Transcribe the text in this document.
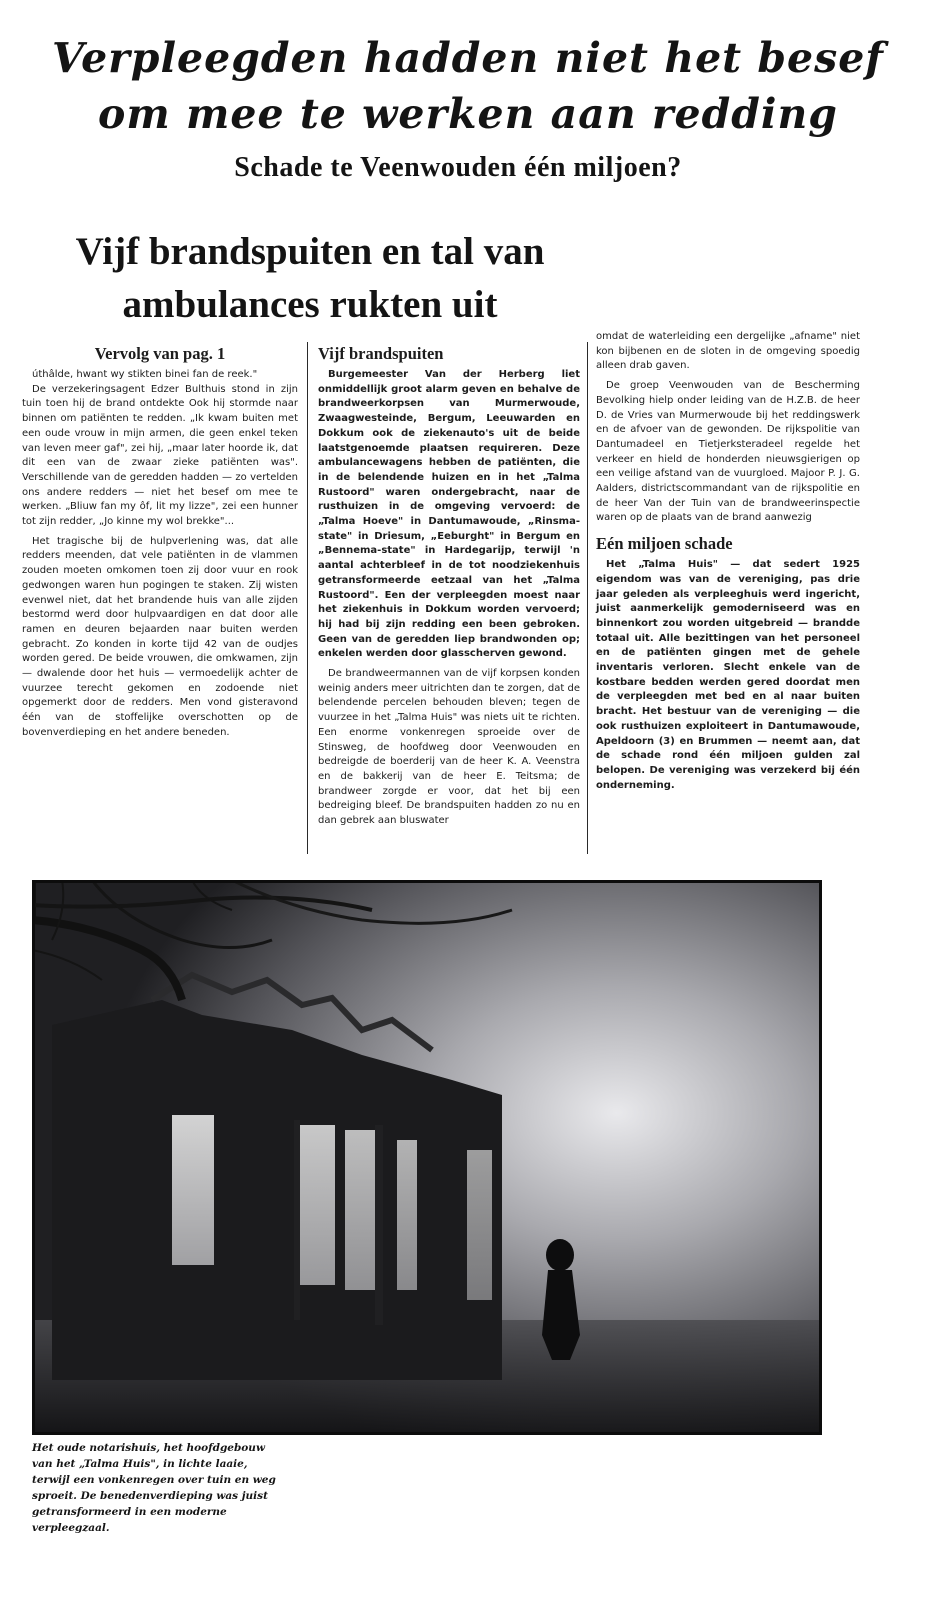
Verpleegden hadden niet het besef
om mee te werken aan redding
Schade te Veenwouden één miljoen?
Vijf brandspuiten en tal van
ambulances rukten uit
Vervolg van pag. 1

úthâlde, hwant wy stikten binei fan de reek."

De verzekeringsagent Edzer Bulthuis stond in zijn tuin toen hij de brand ontdekte Ook hij stormde naar binnen om patiënten te redden. „Ik kwam buiten met een oude vrouw in mijn armen, die geen enkel teken van leven meer gaf", zei hij, „maar later hoorde ik, dat dit een van de zwaar zieke patiënten was". Verschillende van de geredden hadden — zo vertelden ons andere redders — niet het besef om mee te werken. „Bliuw fan my ôf, lit my lizze", zei een hunner tot zijn redder, „Jo kinne my wol brekke"...

Het tragische bij de hulpverlening was, dat alle redders meenden, dat vele patiënten in de vlammen zouden moeten omkomen toen zij door vuur en rook gedwongen waren hun pogingen te staken. Zij wisten evenwel niet, dat het brandende huis van alle zijden bestormd werd door hulpvaardigen en dat door alle ramen en deuren bejaarden naar buiten werden gebracht. Zo konden in korte tijd 42 van de oudjes worden gered. De beide vrouwen, die omkwamen, zijn — dwalende door het huis — vermoedelijk achter de vuurzee terecht gekomen en zodoende niet opgemerkt door de redders. Men vond gisteravond één van de stoffelijke overschotten op de bovenverdieping en het andere beneden.

Vijf brandspuiten

Burgemeester Van der Herberg liet onmiddellijk groot alarm geven en behalve de brandweerkorpsen van Murmerwoude, Zwaagwesteinde, Bergum, Leeuwarden en Dokkum ook de ziekenauto's uit de beide laatstgenoemde plaatsen requireren. Deze ambulancewagens hebben de patiënten, die in de belendende huizen en in het „Talma Rustoord" waren ondergebracht, naar de rusthuizen in de omgeving vervoerd: de „Talma Hoeve" in Dantumawoude, „Rinsma-state" in Driesum, „Eeburght" in Bergum en „Bennema-state" in Hardegarijp, terwijl 'n aantal achterbleef in de tot noodziekenhuis getransformeerde eetzaal van het „Talma Rustoord". Een der verpleegden moest naar het ziekenhuis in Dokkum worden vervoerd; hij had bij zijn redding een been gebroken. Geen van de geredden liep brandwonden op; enkelen werden door glasscherven gewond.

De brandweermannen van de vijf korpsen konden weinig anders meer uitrichten dan te zorgen, dat de belendende percelen behouden bleven; tegen de vuurzee in het „Talma Huis" was niets uit te richten. Een enorme vonkenregen sproeide over de Stinsweg, de hoofdweg door Veenwouden en bedreigde de boerderij van de heer K. A. Veenstra en de bakkerij van de heer E. Teitsma; de brandweer zorgde er voor, dat het bij een bedreiging bleef. De brandspuiten hadden zo nu en dan gebrek aan bluswater

omdat de waterleiding een dergelijke „afname" niet kon bijbenen en de sloten in de omgeving spoedig alleen drab gaven.

De groep Veenwouden van de Bescherming Bevolking hielp onder leiding van de H.Z.B. de heer D. de Vries van Murmerwoude bij het reddingswerk en de afvoer van de gewonden. De rijkspolitie van Dantumadeel en Tietjerksteradeel regelde het verkeer en hield de honderden nieuwsgierigen op een veilige afstand van de vuurgloed. Majoor P. J. G. Aalders, districtscommandant van de rijkspolitie en de heer Van der Tuin van de brandweerinspectie waren op de plaats van de brand aanwezig

Eén miljoen schade

Het „Talma Huis" — dat sedert 1925 eigendom was van de vereniging, pas drie jaar geleden als verpleeghuis werd ingericht, juist aanmerkelijk gemoderniseerd was en binnenkort zou worden uitgebreid — brandde totaal uit. Alle bezittingen van het personeel en de patiënten gingen met de gehele inventaris verloren. Slecht enkele van de kostbare bedden werden gered doordat men de verpleegden met bed en al naar buiten bracht. Het bestuur van de vereniging — die ook rusthuizen exploiteert in Dantumawoude, Apeldoorn (3) en Brummen — neemt aan, dat de schade rond één miljoen gulden zal belopen. De vereniging was verzekerd bij één onderneming.

Het oude notarishuis, het hoofdgebouw van het „Talma Huis", in lichte laaie, terwijl een vonkenregen over tuin en weg sproeit. De benedenverdieping was juist getransformeerd in een moderne verpleegzaal.
